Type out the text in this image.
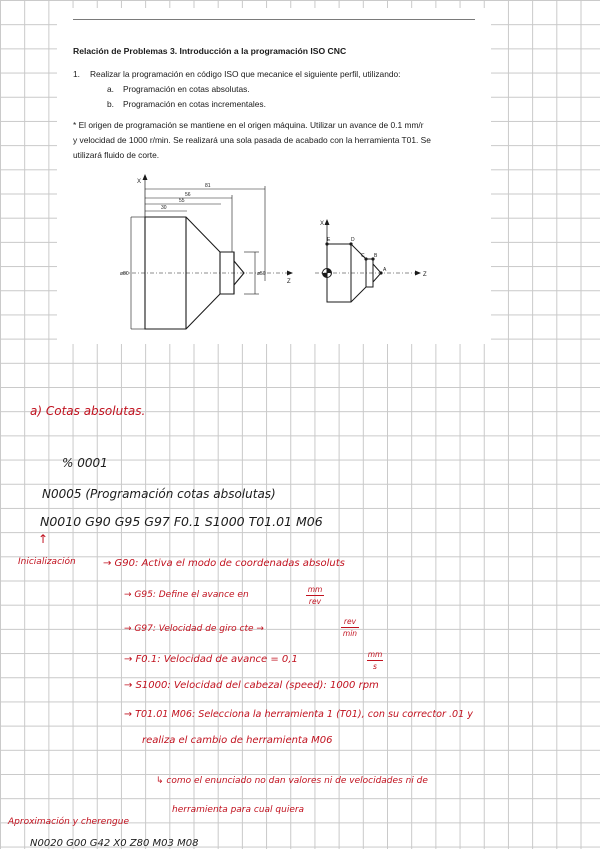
Relación de Problemas 3. Introducción a la programación ISO CNC
1. Realizar la programación en código ISO que mecanice el siguiente perfil, utilizando:
a. Programación en cotas absolutas.
b. Programación en cotas incrementales.
* El origen de programación se mantiene en el origen máquina. Utilizar un avance de 0.1 mm/r
y velocidad de 1000 r/min. Se realizará una sola pasada de acabado con la herramienta T01. Se
utilizará fluido de corte.
X
Z
81
56
55
30
ø80	ø50
X
Z
E	D
C B
A
a) Cotas absolutas.
% 0001
N0005 (Programación cotas absolutas)
N0010 G90 G95 G97 F0.1 S1000 T01.01 M06
↑
Inicialización	→ G90: Activa el modo de coordenadas absoluts
→ G95: Define el avance en
mm
rev
→ G97: Velocidad de giro cte →
rev
min
→ F0.1: Velocidad de avance = 0,1	mm
s
→ S1000: Velocidad del cabezal (speed): 1000 rpm
→ T01.01 M06: Selecciona la herramienta 1 (T01), con su corrector .01 y
realiza el cambio de herramienta M06
↳ como el enunciado no dan valores ni de velocidades ni de
herramienta para cual quiera
Aproximación y cherengue
N0020 G00 G42 X0 Z80 M03 M08
